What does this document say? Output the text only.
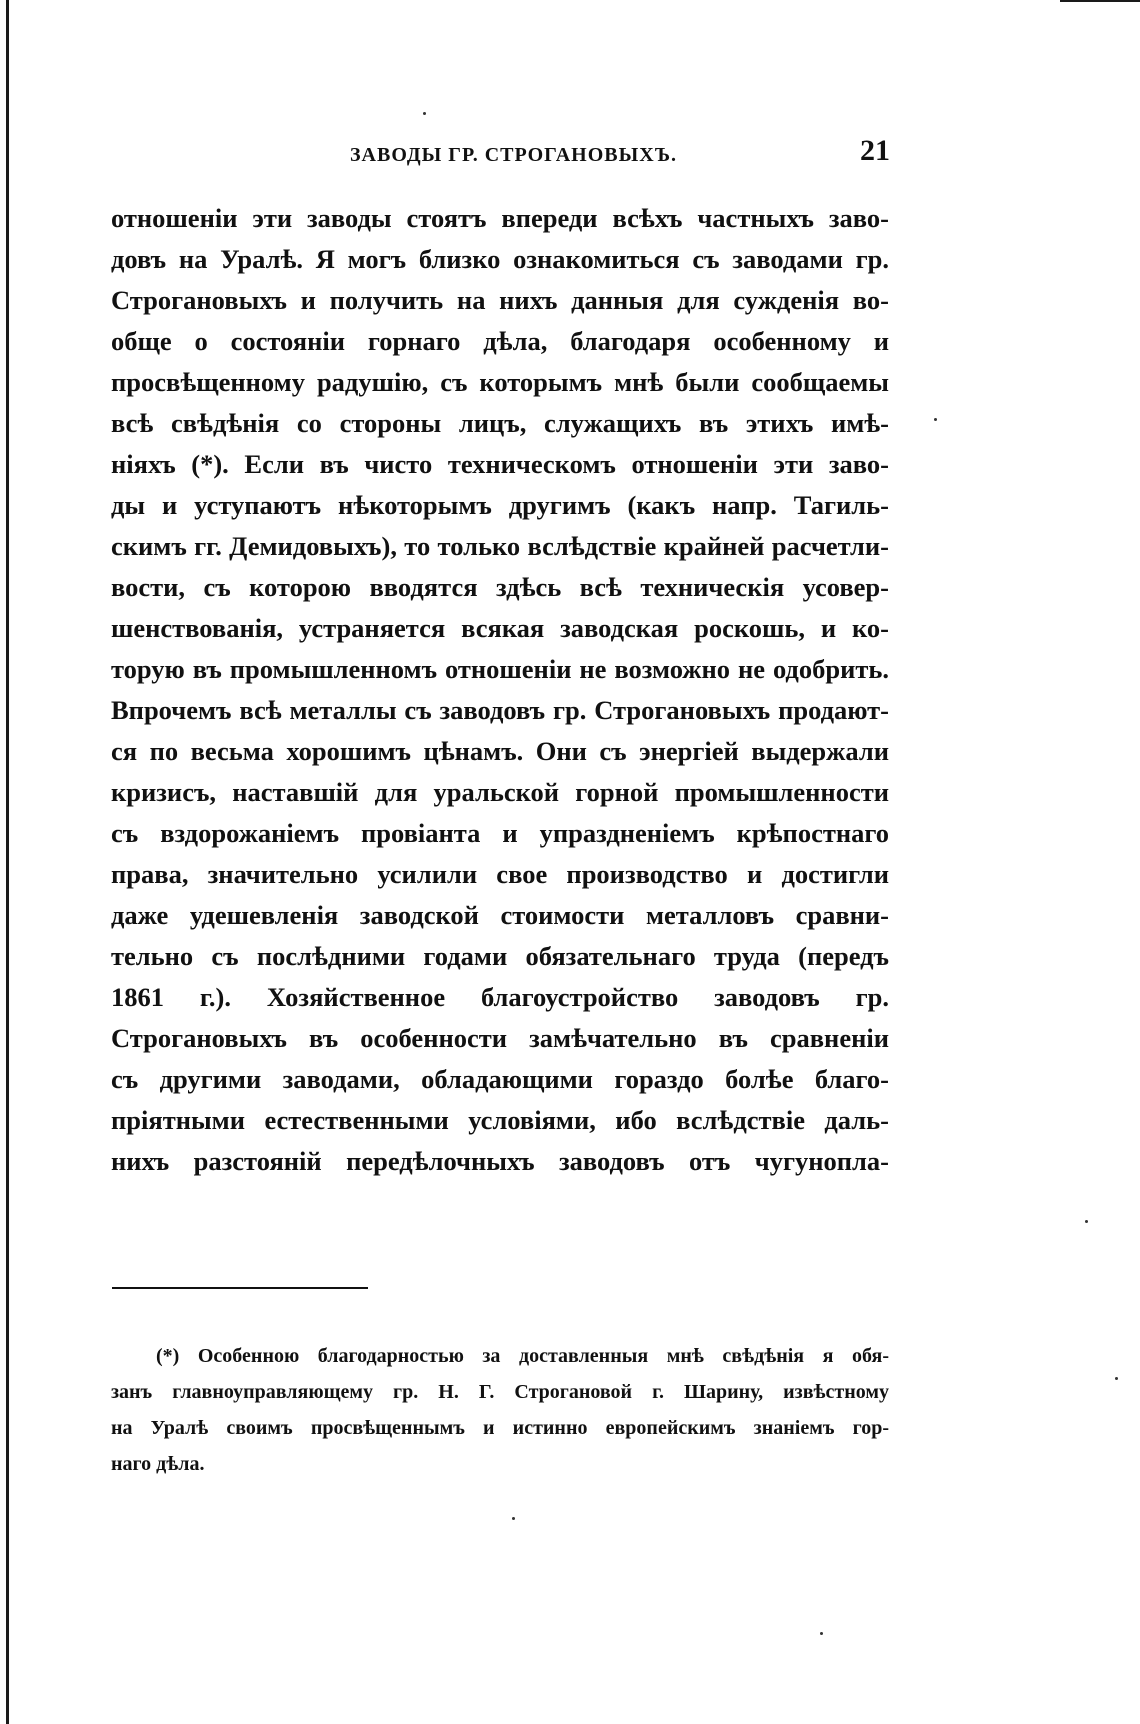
ЗАВОДЫ ГР. СТРОГАНОВЫХЪ.	21
отношеніи эти заводы стоятъ впереди всѣхъ частныхъ заво-
довъ на Уралѣ. Я могъ близко ознакомиться съ заводами гр.
Строгановыхъ и получить на нихъ данныя для сужденія во-
обще о состояніи горнаго дѣла, благодаря особенному и
просвѣщенному радушію, съ которымъ мнѣ были сообщаемы
всѣ свѣдѣнія со стороны лицъ, служащихъ въ этихъ имѣ-
ніяхъ (*). Если въ чисто техническомъ отношеніи эти заво-
ды и уступаютъ нѣкоторымъ другимъ (какъ напр. Тагиль-
скимъ гг. Демидовыхъ), то только вслѣдствіе крайней расчетли-
вости, съ которою вводятся здѣсь всѣ техническія усовер-
шенствованія, устраняется всякая заводская роскошь, и ко-
торую въ промышленномъ отношеніи не возможно не одобрить.
Впрочемъ всѣ металлы съ заводовъ гр. Строгановыхъ продают-
ся по весьма хорошимъ цѣнамъ. Они съ энергіей выдержали
кризисъ, наставшій для уральской горной промышленности
съ вздорожаніемъ провіанта и упраздненіемъ крѣпостнаго
права, значительно усилили свое производство и достигли
даже удешевленія заводской стоимости металловъ сравни-
тельно съ послѣдними годами обязательнаго труда (передъ
1861 г.). Хозяйственное благоустройство заводовъ гр.
Строгановыхъ въ особенности замѣчательно въ сравненіи
съ другими заводами, обладающими гораздо болѣе благо-
пріятными естественными условіями, ибо вслѣдствіе даль-
нихъ разстояній передѣлочныхъ заводовъ отъ чугунопла-
(*) Особенною благодарностью за доставленныя мнѣ свѣдѣнія я обя-
занъ главноуправляющему гр. Н. Г. Строгановой г. Шарину, извѣстному
на Уралѣ своимъ просвѣщеннымъ и истинно европейскимъ знаніемъ гор-
наго дѣла.
